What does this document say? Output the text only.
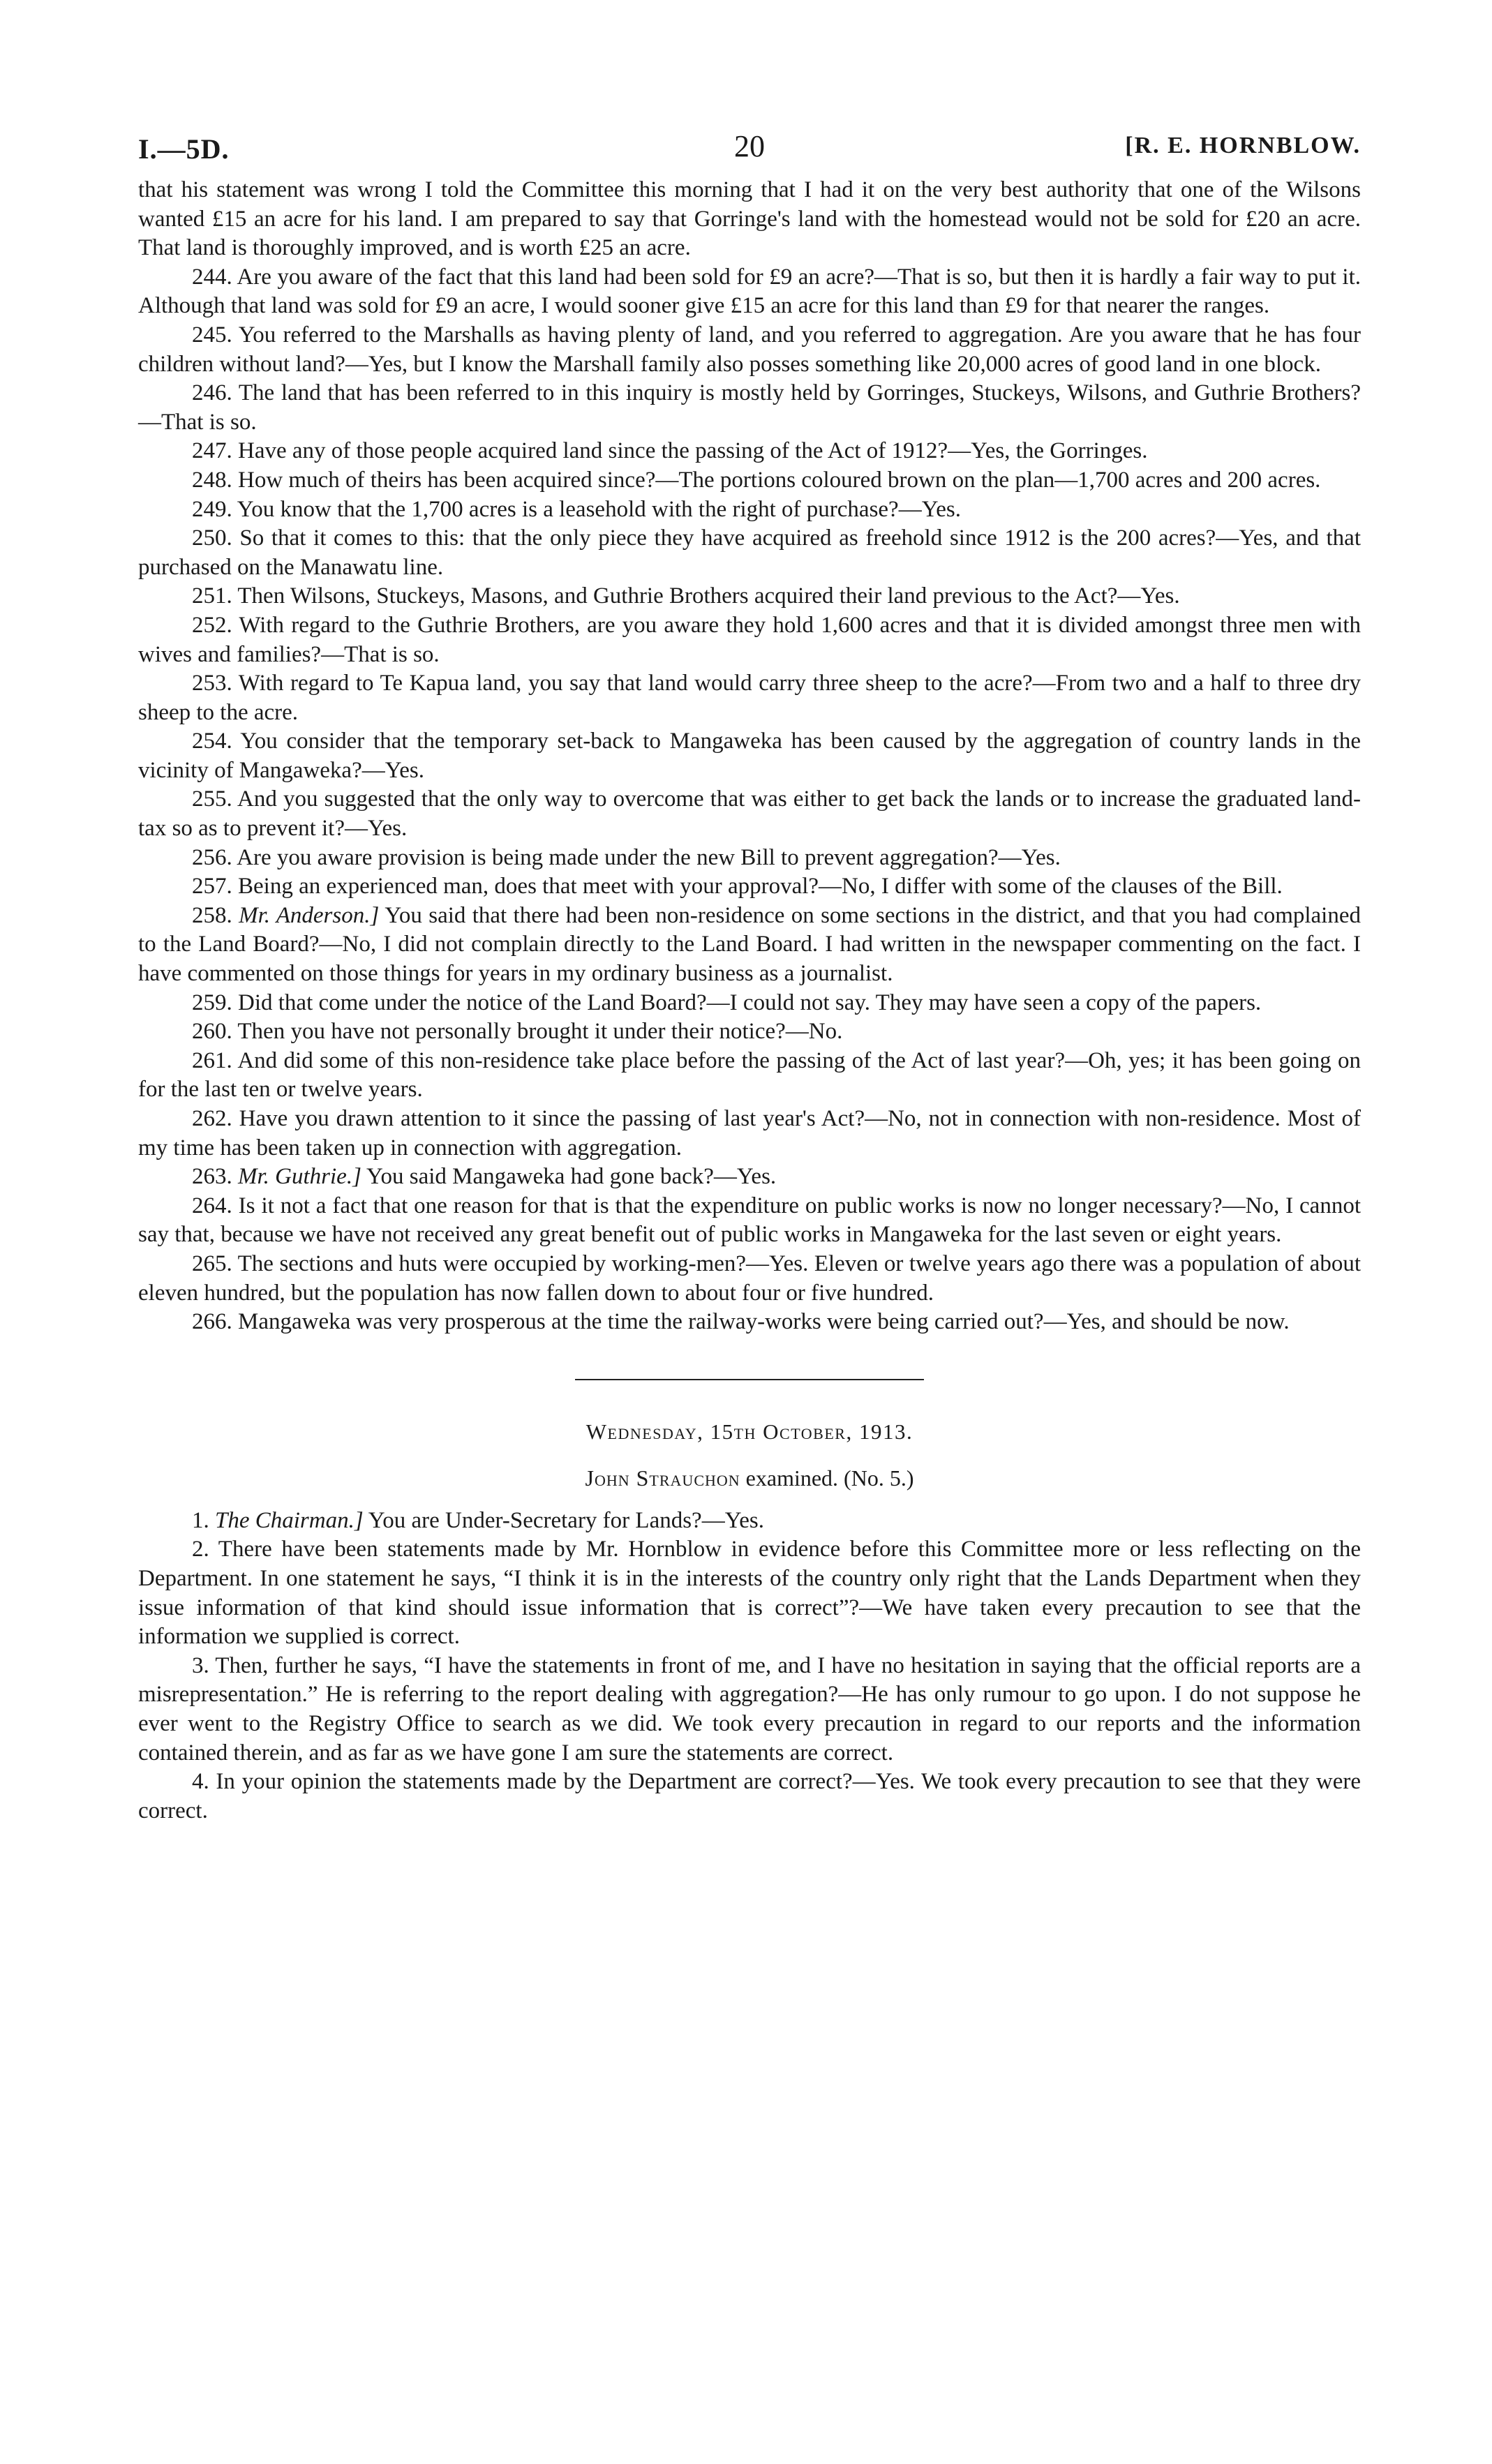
I.—5D.	20	[R. E. HORNBLOW.

that his statement was wrong I told the Committee this morning that I had it on the very best authority that one of the Wilsons wanted £15 an acre for his land. I am prepared to say that Gorringe's land with the homestead would not be sold for £20 an acre. That land is thoroughly improved, and is worth £25 an acre.

244. Are you aware of the fact that this land had been sold for £9 an acre?—That is so, but then it is hardly a fair way to put it. Although that land was sold for £9 an acre, I would sooner give £15 an acre for this land than £9 for that nearer the ranges.

245. You referred to the Marshalls as having plenty of land, and you referred to aggregation. Are you aware that he has four children without land?—Yes, but I know the Marshall family also posses something like 20,000 acres of good land in one block.

246. The land that has been referred to in this inquiry is mostly held by Gorringes, Stuckeys, Wilsons, and Guthrie Brothers?—That is so.

247. Have any of those people acquired land since the passing of the Act of 1912?—Yes, the Gorringes.

248. How much of theirs has been acquired since?—The portions coloured brown on the plan—1,700 acres and 200 acres.

249. You know that the 1,700 acres is a leasehold with the right of purchase?—Yes.

250. So that it comes to this: that the only piece they have acquired as freehold since 1912 is the 200 acres?—Yes, and that purchased on the Manawatu line.

251. Then Wilsons, Stuckeys, Masons, and Guthrie Brothers acquired their land previous to the Act?—Yes.

252. With regard to the Guthrie Brothers, are you aware they hold 1,600 acres and that it is divided amongst three men with wives and families?—That is so.

253. With regard to Te Kapua land, you say that land would carry three sheep to the acre?—From two and a half to three dry sheep to the acre.

254. You consider that the temporary set-back to Mangaweka has been caused by the aggregation of country lands in the vicinity of Mangaweka?—Yes.

255. And you suggested that the only way to overcome that was either to get back the lands or to increase the graduated land-tax so as to prevent it?—Yes.

256. Are you aware provision is being made under the new Bill to prevent aggregation?—Yes.

257. Being an experienced man, does that meet with your approval?—No, I differ with some of the clauses of the Bill.

258. Mr. Anderson.] You said that there had been non-residence on some sections in the district, and that you had complained to the Land Board?—No, I did not complain directly to the Land Board. I had written in the newspaper commenting on the fact. I have commented on those things for years in my ordinary business as a journalist.

259. Did that come under the notice of the Land Board?—I could not say. They may have seen a copy of the papers.

260. Then you have not personally brought it under their notice?—No.

261. And did some of this non-residence take place before the passing of the Act of last year?—Oh, yes; it has been going on for the last ten or twelve years.

262. Have you drawn attention to it since the passing of last year's Act?—No, not in connection with non-residence. Most of my time has been taken up in connection with aggregation.

263. Mr. Guthrie.] You said Mangaweka had gone back?—Yes.

264. Is it not a fact that one reason for that is that the expenditure on public works is now no longer necessary?—No, I cannot say that, because we have not received any great benefit out of public works in Mangaweka for the last seven or eight years.

265. The sections and huts were occupied by working-men?—Yes. Eleven or twelve years ago there was a population of about eleven hundred, but the population has now fallen down to about four or five hundred.

266. Mangaweka was very prosperous at the time the railway-works were being carried out?—Yes, and should be now.

Wednesday, 15th October, 1913.
John Strauchon examined. (No. 5.)

1. The Chairman.] You are Under-Secretary for Lands?—Yes.

2. There have been statements made by Mr. Hornblow in evidence before this Committee more or less reflecting on the Department. In one statement he says, “I think it is in the interests of the country only right that the Lands Department when they issue information of that kind should issue information that is correct”?—We have taken every precaution to see that the information we supplied is correct.

3. Then, further he says, “I have the statements in front of me, and I have no hesitation in saying that the official reports are a misrepresentation.” He is referring to the report dealing with aggregation?—He has only rumour to go upon. I do not suppose he ever went to the Registry Office to search as we did. We took every precaution in regard to our reports and the information contained therein, and as far as we have gone I am sure the statements are correct.

4. In your opinion the statements made by the Department are correct?—Yes. We took every precaution to see that they were correct.
